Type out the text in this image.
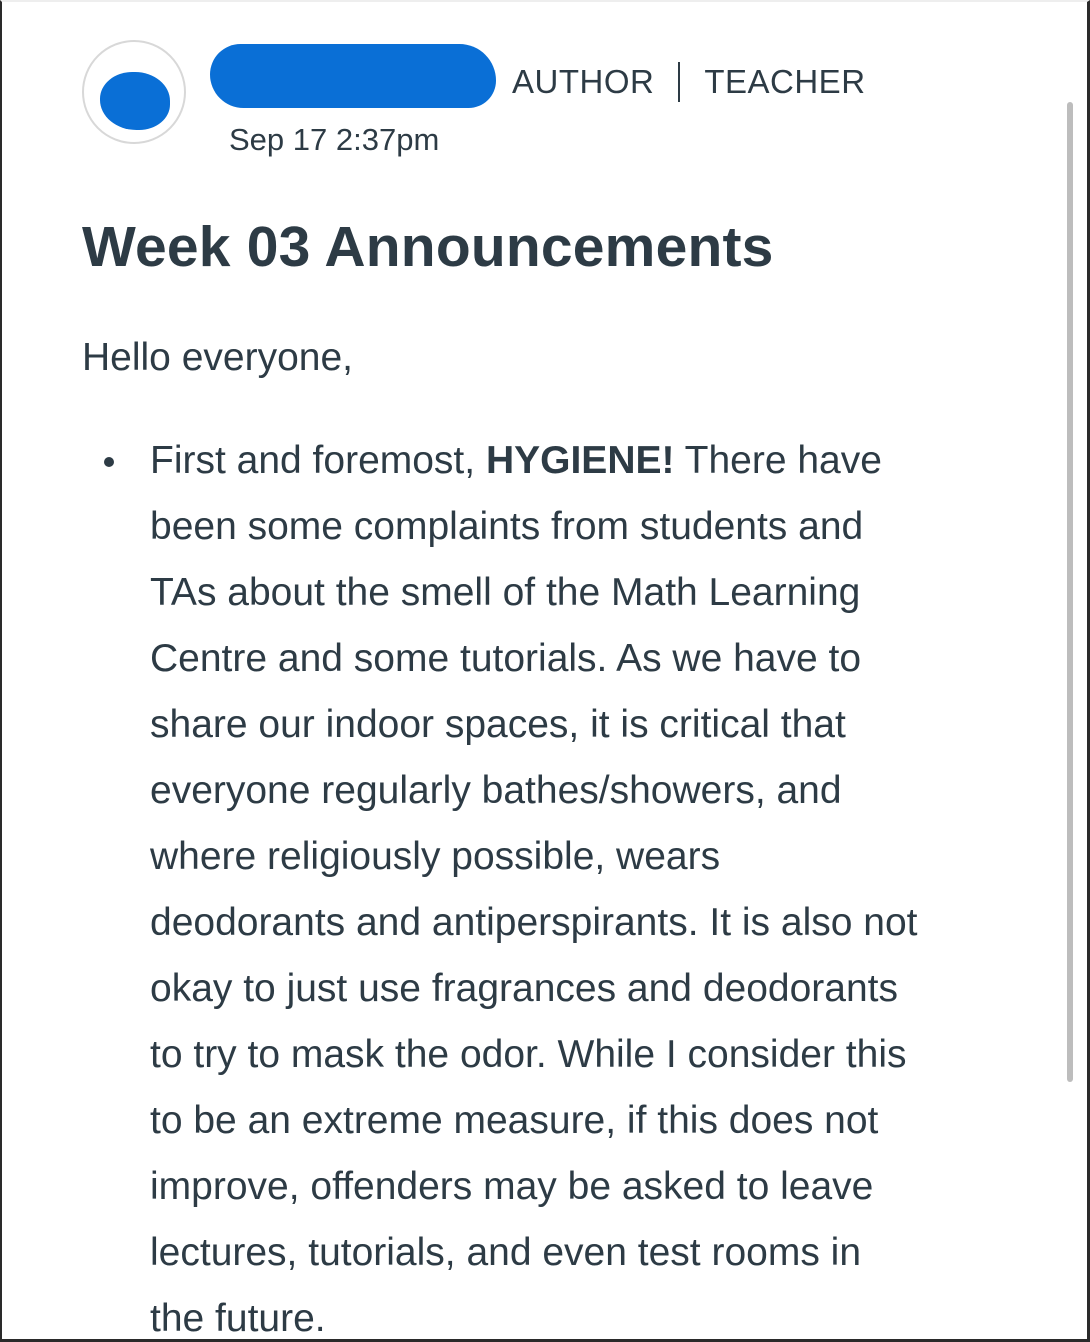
AUTHOR TEACHER
Sep 17 2:37pm
Week 03 Announcements
Hello everyone,
First and foremost, HYGIENE! There have
been some complaints from students and
TAs about the smell of the Math Learning
Centre and some tutorials. As we have to
share our indoor spaces, it is critical that
everyone regularly bathes/showers, and
where religiously possible, wears
deodorants and antiperspirants. It is also not
okay to just use fragrances and deodorants
to try to mask the odor. While I consider this
to be an extreme measure, if this does not
improve, offenders may be asked to leave
lectures, tutorials, and even test rooms in
the future.
